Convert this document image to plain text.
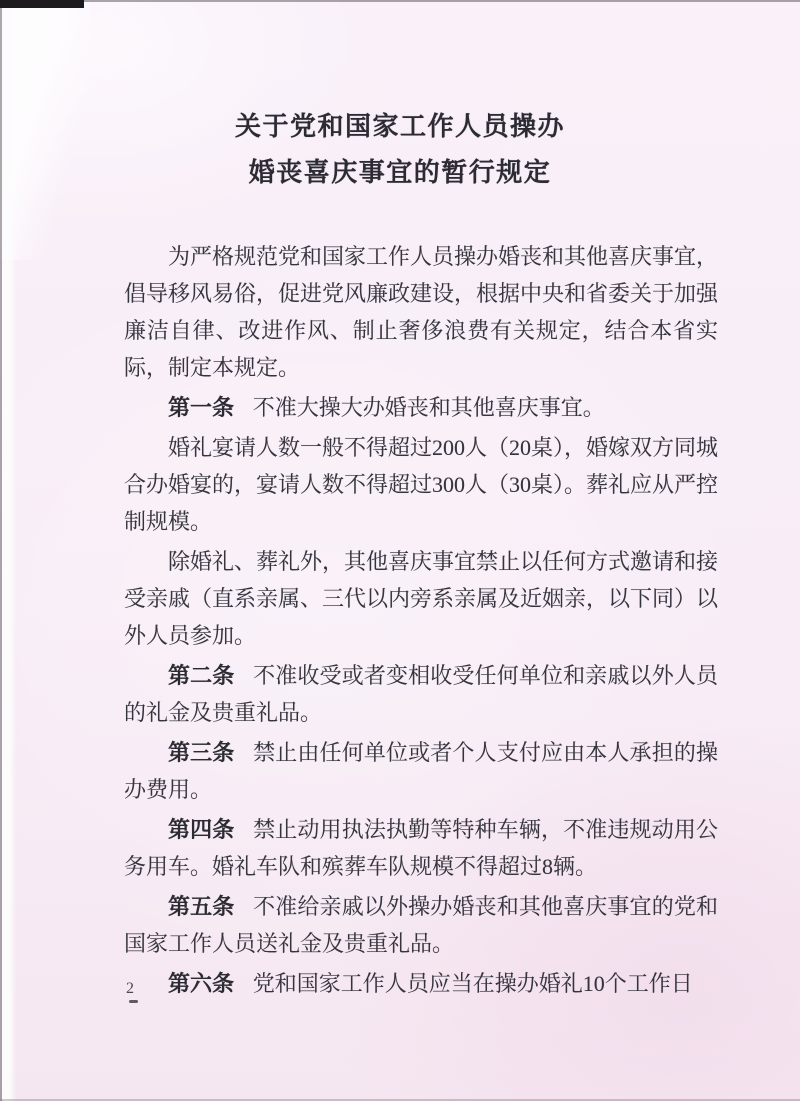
关于党和国家工作人员操办
婚丧喜庆事宜的暂行规定

为严格规范党和国家工作人员操办婚丧和其他喜庆事宜，倡导移风易俗，促进党风廉政建设，根据中央和省委关于加强廉洁自律、改进作风、制止奢侈浪费有关规定，结合本省实际，制定本规定。

第一条 不准大操大办婚丧和其他喜庆事宜。

婚礼宴请人数一般不得超过200人（20桌），婚嫁双方同城合办婚宴的，宴请人数不得超过300人（30桌）。葬礼应从严控制规模。

除婚礼、葬礼外，其他喜庆事宜禁止以任何方式邀请和接受亲戚（直系亲属、三代以内旁系亲属及近姻亲，以下同）以外人员参加。

第二条 不准收受或者变相收受任何单位和亲戚以外人员的礼金及贵重礼品。

第三条 禁止由任何单位或者个人支付应由本人承担的操办费用。

第四条 禁止动用执法执勤等特种车辆，不准违规动用公务用车。婚礼车队和殡葬车队规模不得超过8辆。

第五条 不准给亲戚以外操办婚丧和其他喜庆事宜的党和国家工作人员送礼金及贵重礼品。

第六条 党和国家工作人员应当在操办婚礼10个工作日

2
